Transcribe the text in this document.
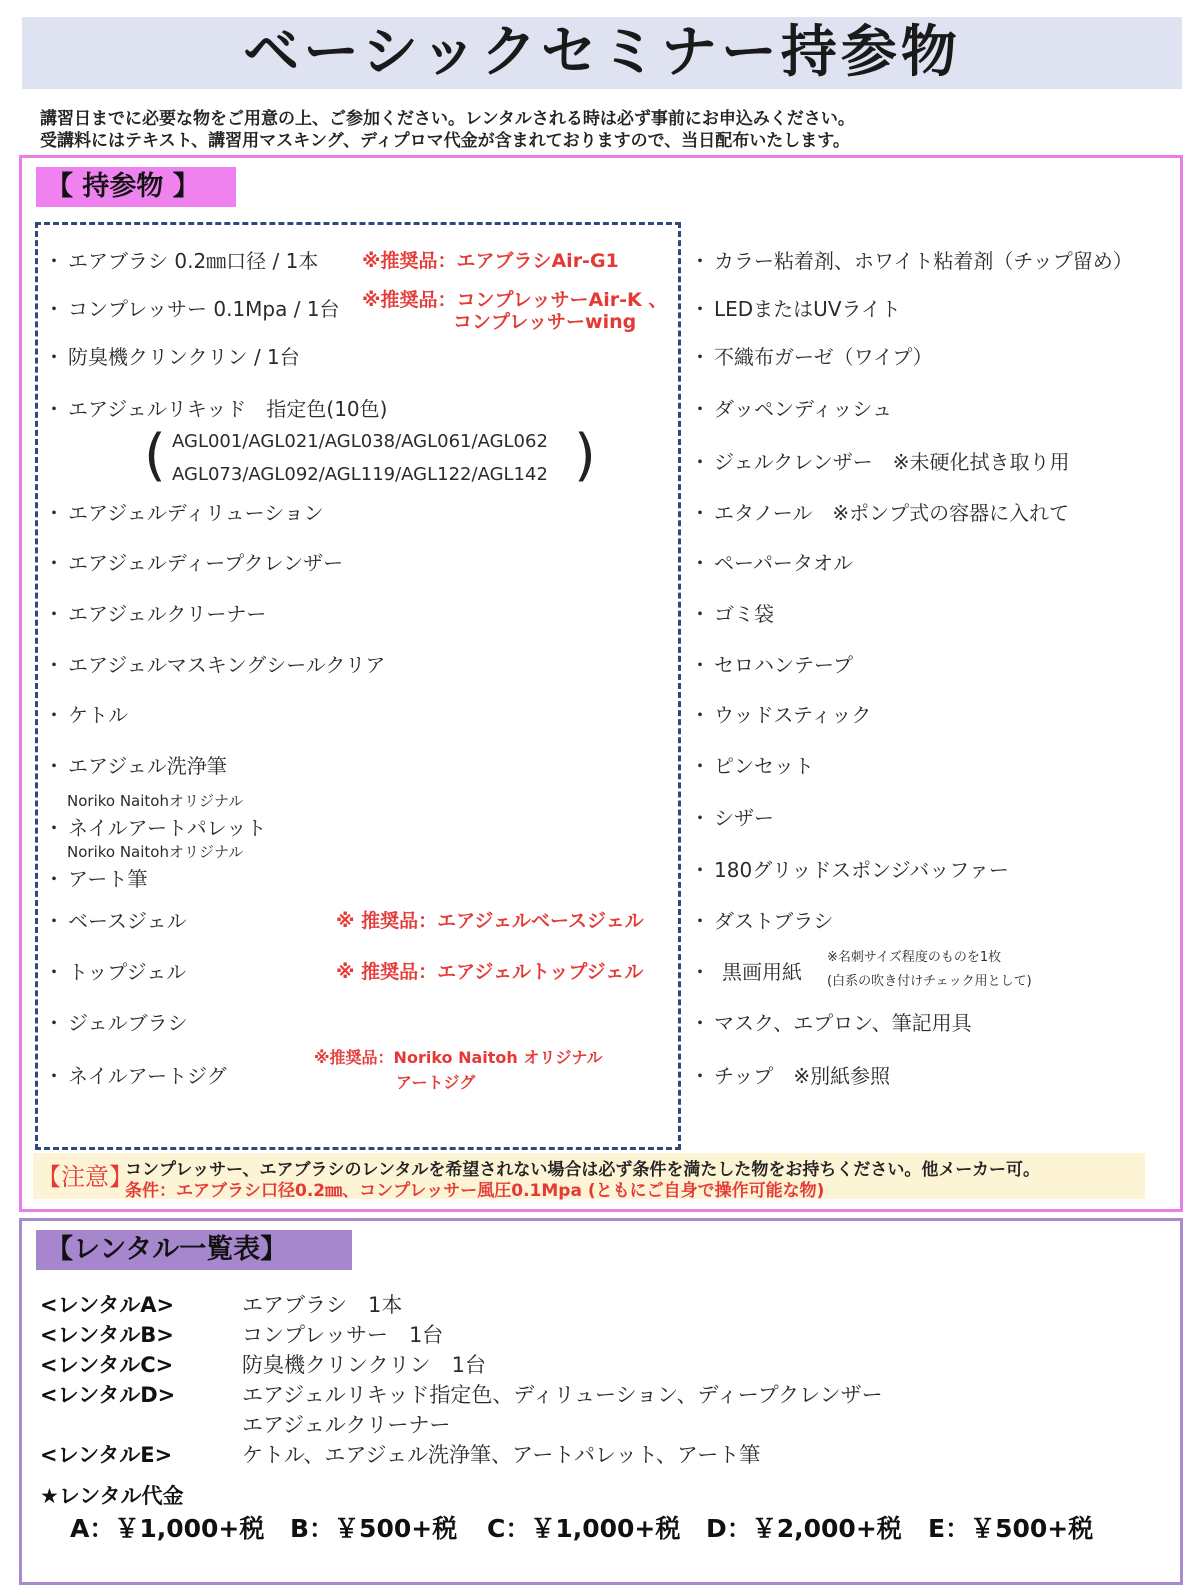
ベーシックセミナー持参物
講習日までに必要な物をご用意の上、ご参加ください。レンタルされる時は必ず事前にお申込みください。
受講料にはテキスト、講習用マスキング、ディプロマ代金が含まれておりますので、当日配布いたします。
【 持参物 】
・ エアブラシ 0.2㎜口径 / 1本 ※推奨品：エアブラシAir-G1
・ コンプレッサー 0.1Mpa / 1台 ※推奨品：コンプレッサーAir-K 、
コンプレッサーwing
・ 防臭機クリンクリン / 1台
・ エアジェルリキッド　指定色(10色)
( AGL001/AGL021/AGL038/AGL061/AGL062
AGL073/AGL092/AGL119/AGL122/AGL142 )
・ エアジェルディリューション
・ エアジェルディープクレンザー
・ エアジェルクリーナー
・ エアジェルマスキングシールクリア
・ ケトル
・ エアジェル洗浄筆
Noriko Naitohオリジナル
・ ネイルアートパレット
Noriko Naitohオリジナル
・ アート筆
・ ベースジェル	※ 推奨品：エアジェルベースジェル
・ トップジェル	※ 推奨品：エアジェルトップジェル
・ ジェルブラシ
・ ネイルアートジグ
※推奨品：Noriko Naitoh オリジナル
アートジグ
・ カラー粘着剤、ホワイト粘着剤（チップ留め）
・ LEDまたはUVライト
・ 不織布ガーゼ（ワイプ）
・ ダッペンディッシュ
・ ジェルクレンザー　※未硬化拭き取り用
・ エタノール　※ポンプ式の容器に入れて
・ ペーパータオル
・ ゴミ袋
・ セロハンテープ
・ ウッドスティック
・ ピンセット
・ シザー
・ 180グリッドスポンジバッファー
・ ダストブラシ
・ 黒画用紙
※名刺サイズ程度のものを1枚
(白系の吹き付けチェック用として)
・ マスク、エプロン、筆記用具
・ チップ　※別紙参照
【注意】
コンプレッサー、エアブラシのレンタルを希望されない場合は必ず条件を満たした物をお持ちください。他メーカー可。
条件：エアブラシ口径0.2㎜、コンプレッサー風圧0.1Mpa (ともにご自身で操作可能な物)
【レンタル一覧表】
<レンタルA>	エアブラシ　1本
<レンタルB>	コンプレッサー　1台
<レンタルC>	防臭機クリンクリン　1台
<レンタルD>	エアジェルリキッド指定色、ディリューション、ディープクレンザー
エアジェルクリーナー
<レンタルE>	ケトル、エアジェル洗浄筆、アートパレット、アート筆
★レンタル代金
A：￥1,000+税 B：￥500+税 C：￥1,000+税 D：￥2,000+税 E：￥500+税
